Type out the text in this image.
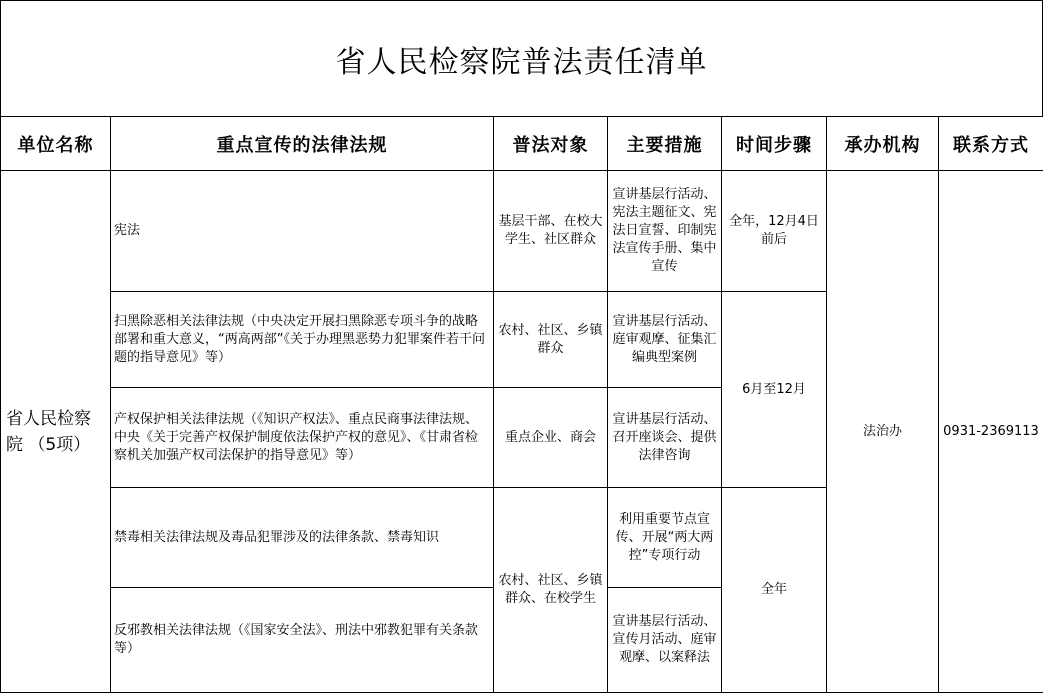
省人民检察院普法责任清单
单位名称	重点宣传的法律法规	普法对象	主要措施	时间步骤	承办机构	联系方式
省人民检察院 （5项）	宪法	基层干部、在校大学生、社区群众	宣讲基层行活动、宪法主题征文、宪法日宣誓、印制宪法宣传手册、集中宣传	全年，12月4日前后	法治办	0931-2369113
	扫黑除恶相关法律法规（中央决定开展扫黑除恶专项斗争的战略部署和重大意义，“两高两部”《关于办理黑恶势力犯罪案件若干问题的指导意见》等）	农村、社区、乡镇群众	宣讲基层行活动、庭审观摩、征集汇编典型案例	6月至12月		
	产权保护相关法律法规（《知识产权法》、重点民商事法律法规、中央《关于完善产权保护制度依法保护产权的意见》、《甘肃省检察机关加强产权司法保护的指导意见》等）	重点企业、商会	宣讲基层行活动、召开座谈会、提供法律咨询			
	禁毒相关法律法规及毒品犯罪涉及的法律条款、禁毒知识	农村、社区、乡镇群众、在校学生	利用重要节点宣传、开展“两大两控”专项行动	全年		
	反邪教相关法律法规（《国家安全法》、刑法中邪教犯罪有关条款等）		宣讲基层行活动、宣传月活动、庭审观摩、以案释法			
